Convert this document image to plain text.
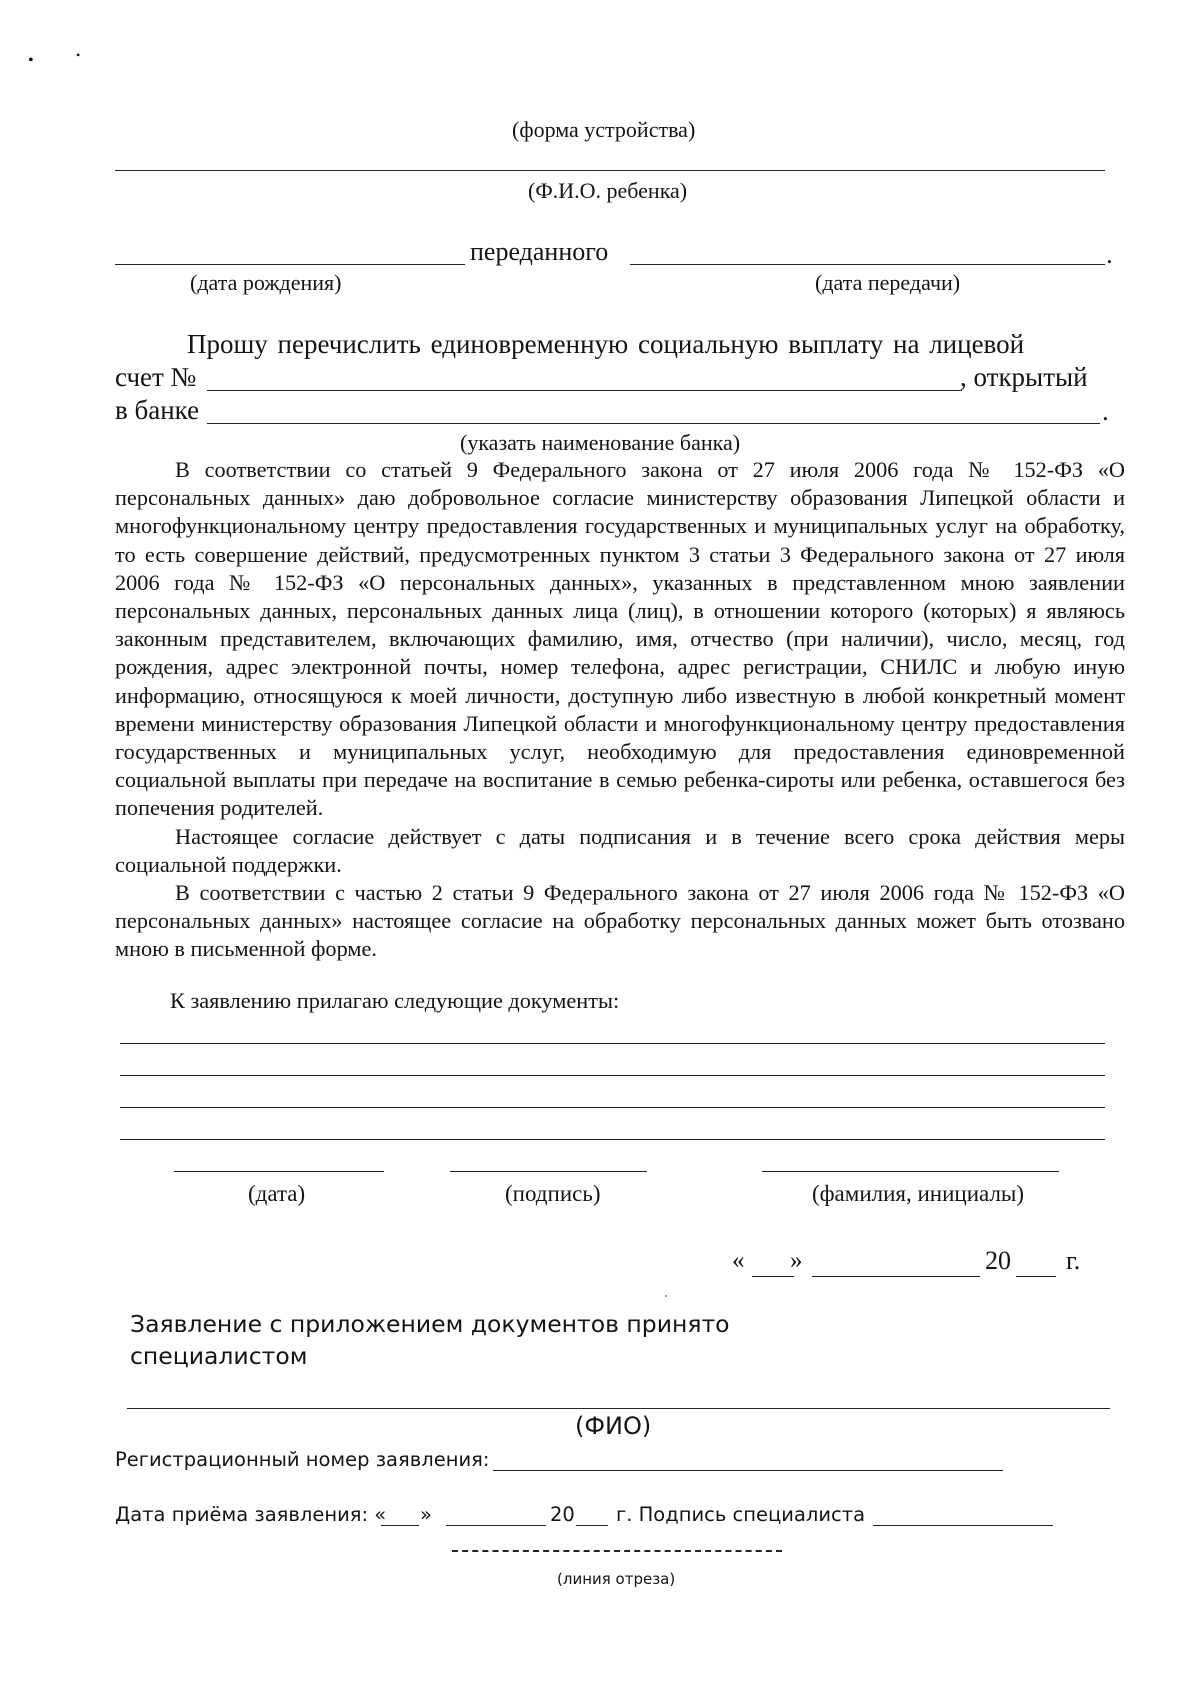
•	•
(форма устройства)
(Ф.И.О. ребенка)
переданного	.
(дата рождения)	(дата передачи)
Прошу перечислить единовременную социальную выплату на лицевой
счет №	, открытый
в банке	.
(указать наименование банка)

В соответствии со статьей 9 Федерального закона от 27 июля 2006 года № 152-ФЗ «О персональных данных» даю добровольное согласие министерству образования Липецкой области и многофункциональному центру предоставления государственных и муниципальных услуг на обработку, то есть совершение действий, предусмотренных пунктом 3 статьи 3 Федерального закона от 27 июля 2006 года № 152-ФЗ «О персональных данных», указанных в представленном мною заявлении персональных данных, персональных данных лица (лиц), в отношении которого (которых) я являюсь законным представителем, включающих фамилию, имя, отчество (при наличии), число, месяц, год рождения, адрес электронной почты, номер телефона, адрес регистрации, СНИЛС и любую иную информацию, относящуюся к моей личности, доступную либо известную в любой конкретный момент времени министерству образования Липецкой области и многофункциональному центру предоставления государственных и муниципальных услуг, необходимую для предоставления единовременной социальной выплаты при передаче на воспитание в семью ребенка-сироты или ребенка, оставшегося без попечения родителей.

Настоящее согласие действует с даты подписания и в течение всего срока действия меры социальной поддержки.

В соответствии с частью 2 статьи 9 Федерального закона от 27 июля 2006 года № 152-ФЗ «О персональных данных» настоящее согласие на обработку персональных данных может быть отозвано мною в письменной форме.

К заявлению прилагаю следующие документы:
(дата)	(подпись)	(фамилия, инициалы)
« »	20 г.
Заявление с приложением документов принято
специалистом
(ФИО)
Регистрационный номер заявления:
Дата приёма заявления: « »	20 г. Подпись специалиста
(линия отреза)
